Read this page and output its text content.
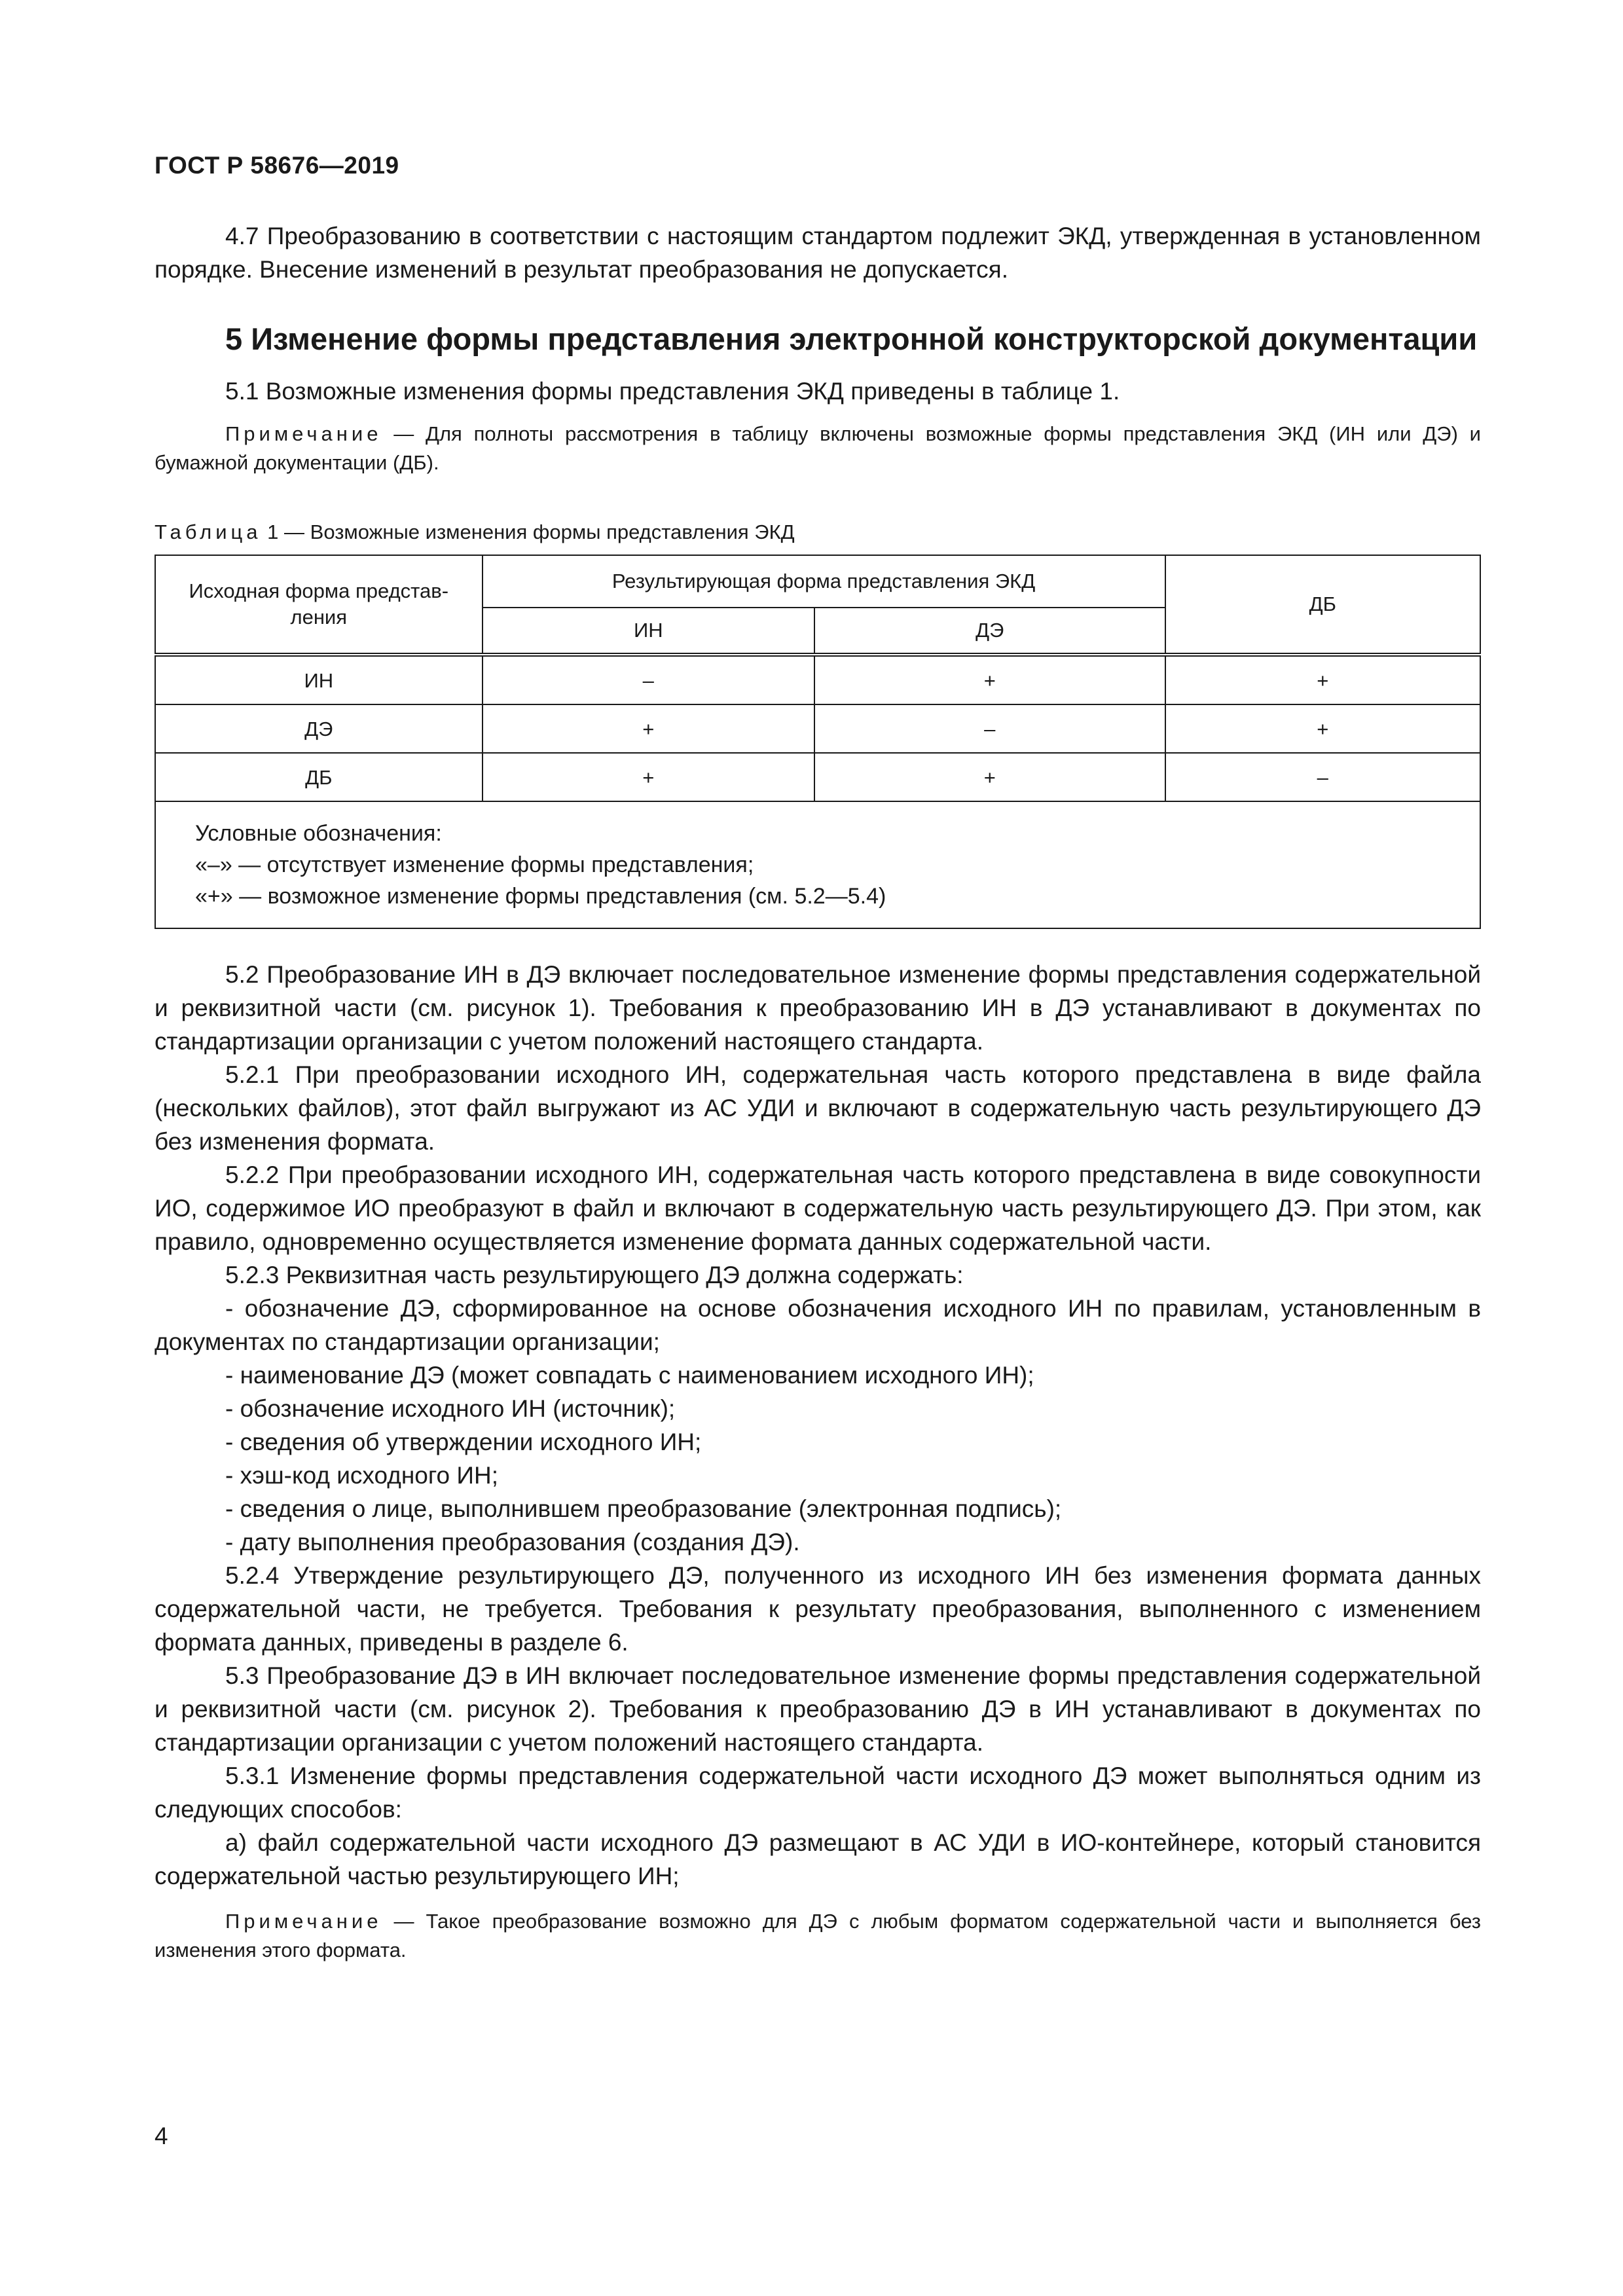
ГОСТ Р 58676—2019

4.7 Преобразованию в соответствии с настоящим стандартом подлежит ЭКД, утвержденная в установленном порядке. Внесение изменений в результат преобразования не допускается.

5 Изменение формы представления электронной конструкторской документации

5.1 Возможные изменения формы представления ЭКД приведены в таблице 1.

Примечание — Для полноты рассмотрения в таблицу включены возможные формы представления ЭКД (ИН или ДЭ) и бумажной документации (ДБ).

Таблица 1 — Возможные изменения формы представления ЭКД

Исходная форма представ-ления	Результирующая форма представления ЭКД		ДБ
	ИН	ДЭ	
ИН	–	+	+
ДЭ	+	–	+
ДБ	+	+	–

Условные обозначения:
«–» — отсутствует изменение формы представления;
«+» — возможное изменение формы представления (см. 5.2—5.4)			

5.2 Преобразование ИН в ДЭ включает последовательное изменение формы представления содержательной и реквизитной части (см. рисунок 1). Требования к преобразованию ИН в ДЭ устанавливают в документах по стандартизации организации с учетом положений настоящего стандарта.

5.2.1 При преобразовании исходного ИН, содержательная часть которого представлена в виде файла (нескольких файлов), этот файл выгружают из АС УДИ и включают в содержательную часть результирующего ДЭ без изменения формата.

5.2.2 При преобразовании исходного ИН, содержательная часть которого представлена в виде совокупности ИО, содержимое ИО преобразуют в файл и включают в содержательную часть результирующего ДЭ. При этом, как правило, одновременно осуществляется изменение формата данных содержательной части.

5.2.3 Реквизитная часть результирующего ДЭ должна содержать:

- обозначение ДЭ, сформированное на основе обозначения исходного ИН по правилам, установленным в документах по стандартизации организации;

- наименование ДЭ (может совпадать с наименованием исходного ИН);

- обозначение исходного ИН (источник);

- сведения об утверждении исходного ИН;

- хэш-код исходного ИН;

- сведения о лице, выполнившем преобразование (электронная подпись);

- дату выполнения преобразования (создания ДЭ).

5.2.4 Утверждение результирующего ДЭ, полученного из исходного ИН без изменения формата данных содержательной части, не требуется. Требования к результату преобразования, выполненного с изменением формата данных, приведены в разделе 6.

5.3 Преобразование ДЭ в ИН включает последовательное изменение формы представления содержательной и реквизитной части (см. рисунок 2). Требования к преобразованию ДЭ в ИН устанавливают в документах по стандартизации организации с учетом положений настоящего стандарта.

5.3.1 Изменение формы представления содержательной части исходного ДЭ может выполняться одним из следующих способов:

а) файл содержательной части исходного ДЭ размещают в АС УДИ в ИО-контейнере, который становится содержательной частью результирующего ИН;

Примечание — Такое преобразование возможно для ДЭ с любым форматом содержательной части и выполняется без изменения этого формата.

4
